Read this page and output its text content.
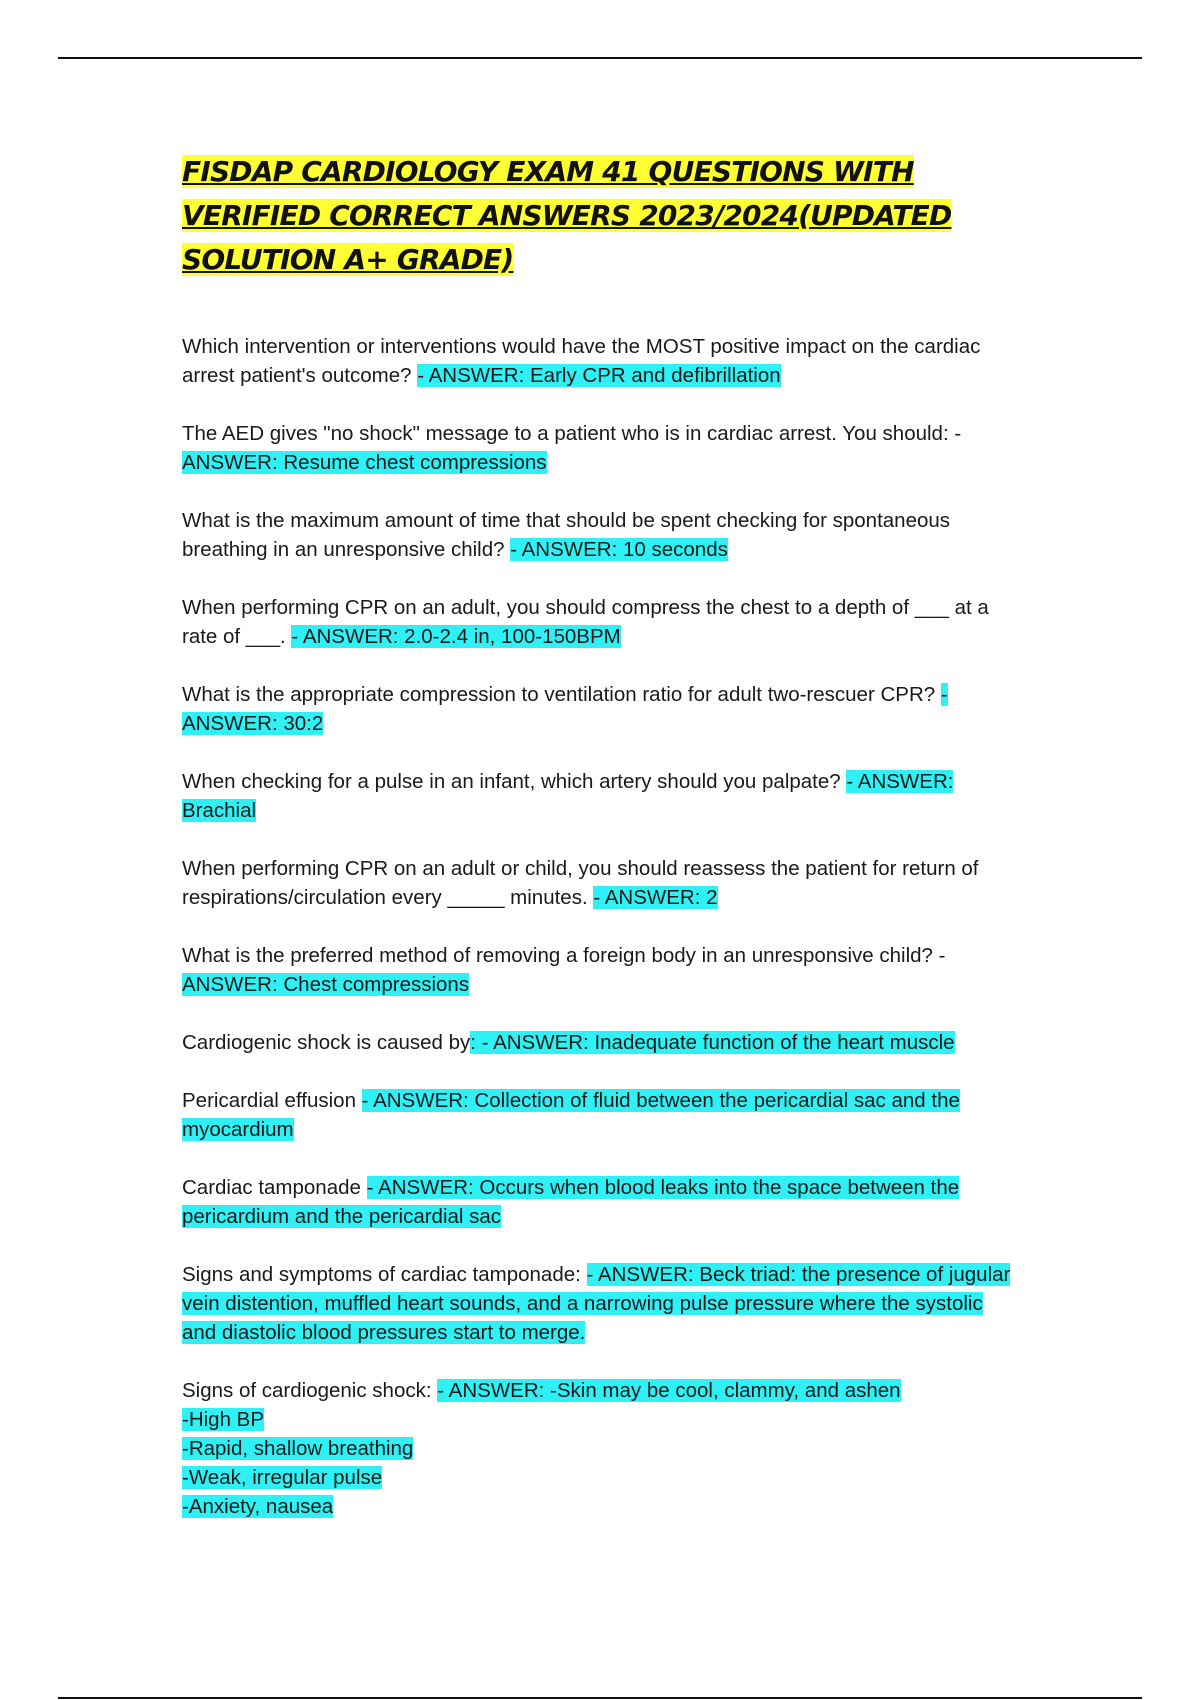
FISDAP CARDIOLOGY EXAM 41 QUESTIONS WITH VERIFIED CORRECT ANSWERS 2023/2024(UPDATED SOLUTION A+ GRADE)

Which intervention or interventions would have the MOST positive impact on the cardiac arrest patient's outcome? - ANSWER: Early CPR and defibrillation

The AED gives "no shock" message to a patient who is in cardiac arrest. You should: -
ANSWER: Resume chest compressions

What is the maximum amount of time that should be spent checking for spontaneous breathing in an unresponsive child? - ANSWER: 10 seconds

When performing CPR on an adult, you should compress the chest to a depth of ___ at a rate of ___. - ANSWER: 2.0-2.4 in, 100-150BPM

What is the appropriate compression to ventilation ratio for adult two-rescuer CPR? - ANSWER: 30:2

When checking for a pulse in an infant, which artery should you palpate? - ANSWER: Brachial

When performing CPR on an adult or child, you should reassess the patient for return of respirations/circulation every _____ minutes. - ANSWER: 2

What is the preferred method of removing a foreign body in an unresponsive child? -
ANSWER: Chest compressions

Cardiogenic shock is caused by: - ANSWER: Inadequate function of the heart muscle

Pericardial effusion - ANSWER: Collection of fluid between the pericardial sac and the myocardium

Cardiac tamponade - ANSWER: Occurs when blood leaks into the space between the pericardium and the pericardial sac

Signs and symptoms of cardiac tamponade: - ANSWER: Beck triad: the presence of jugular vein distention, muffled heart sounds, and a narrowing pulse pressure where the systolic and diastolic blood pressures start to merge.

Signs of cardiogenic shock: - ANSWER: -Skin may be cool, clammy, and ashen
-High BP
-Rapid, shallow breathing
-Weak, irregular pulse
-Anxiety, nausea
